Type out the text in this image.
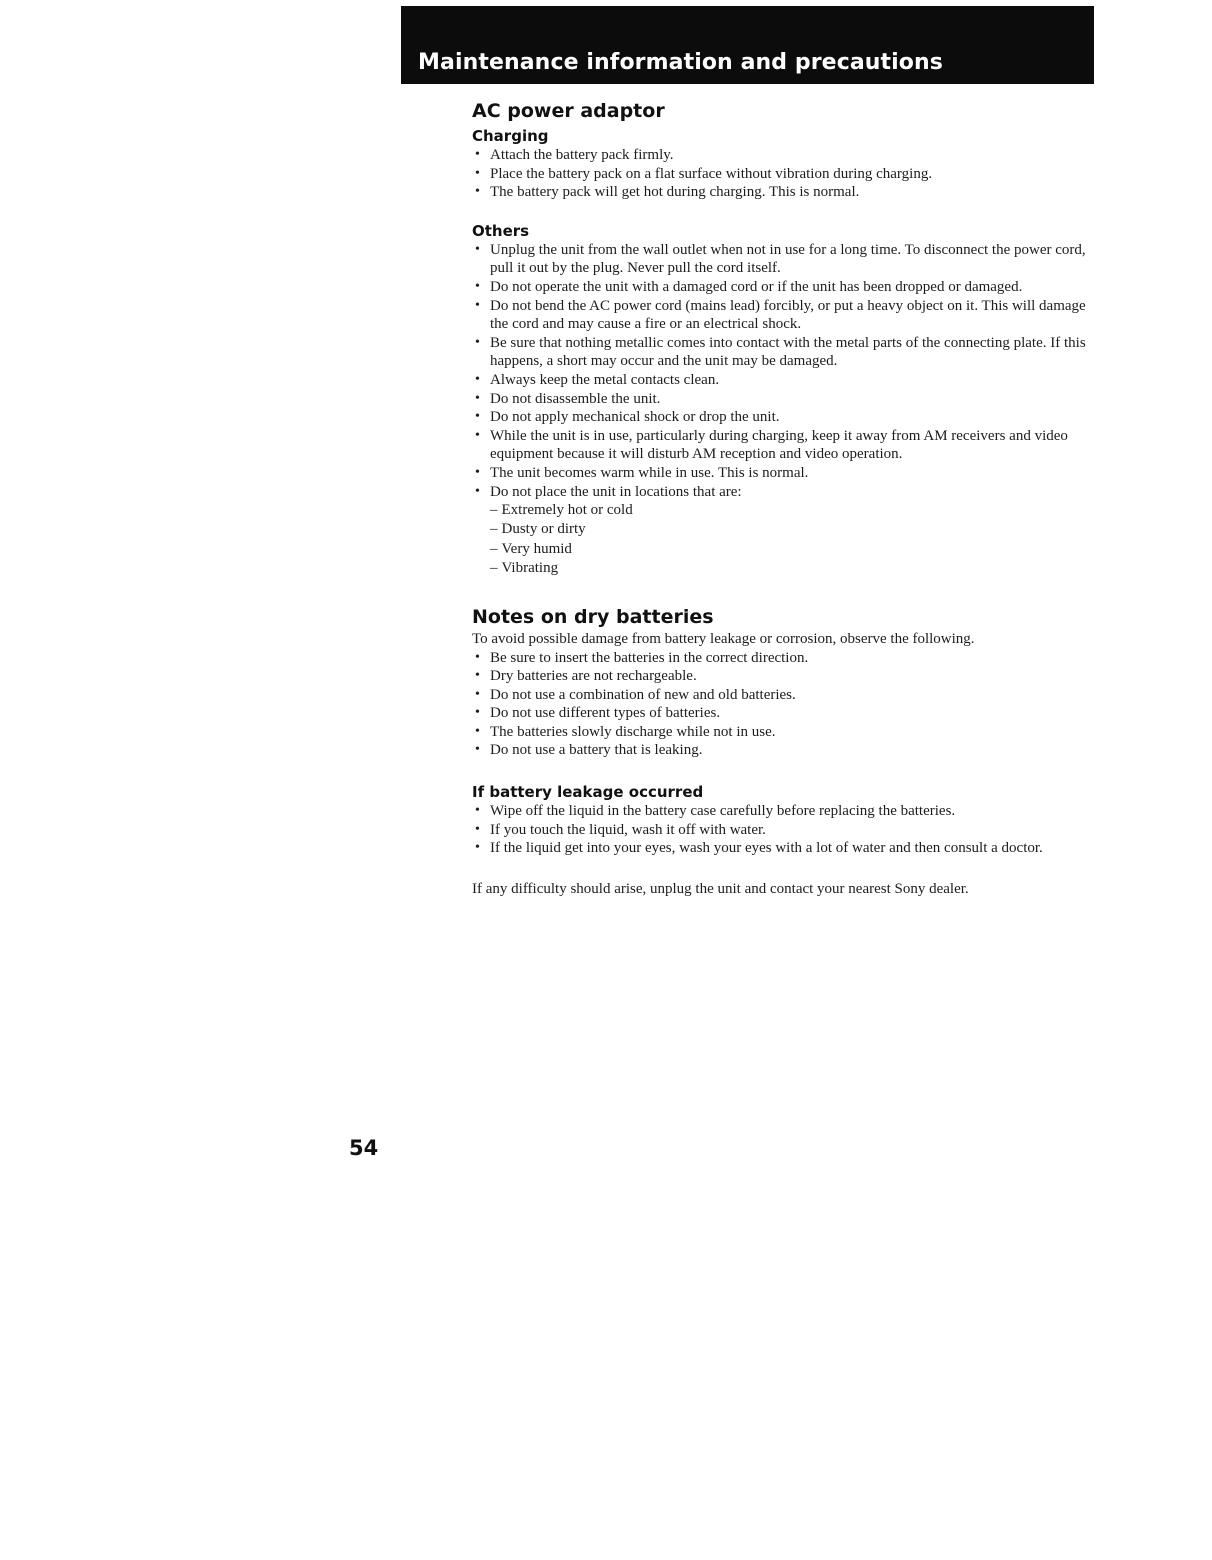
Maintenance information and precautions
AC power adaptor
Charging
• Attach the battery pack firmly.
• Place the battery pack on a flat surface without vibration during charging.
• The battery pack will get hot during charging. This is normal.
Others
• Unplug the unit from the wall outlet when not in use for a long time. To disconnect the power cord, pull it out by the plug. Never pull the cord itself.
• Do not operate the unit with a damaged cord or if the unit has been dropped or damaged.
• Do not bend the AC power cord (mains lead) forcibly, or put a heavy object on it. This will damage the cord and may cause a fire or an electrical shock.
• Be sure that nothing metallic comes into contact with the metal parts of the connecting plate. If this happens, a short may occur and the unit may be damaged.
• Always keep the metal contacts clean.
• Do not disassemble the unit.
• Do not apply mechanical shock or drop the unit.
• While the unit is in use, particularly during charging, keep it away from AM receivers and video equipment because it will disturb AM reception and video operation.
• The unit becomes warm while in use. This is normal.
• Do not place the unit in locations that are:
– Extremely hot or cold
– Dusty or dirty
– Very humid
– Vibrating
Notes on dry batteries

To avoid possible damage from battery leakage or corrosion, observe the following.

• Be sure to insert the batteries in the correct direction.
• Dry batteries are not rechargeable.
• Do not use a combination of new and old batteries.
• Do not use different types of batteries.
• The batteries slowly discharge while not in use.
• Do not use a battery that is leaking.
If battery leakage occurred
• Wipe off the liquid in the battery case carefully before replacing the batteries.
• If you touch the liquid, wash it off with water.
• If the liquid get into your eyes, wash your eyes with a lot of water and then consult a doctor.

If any difficulty should arise, unplug the unit and contact your nearest Sony dealer.

54
